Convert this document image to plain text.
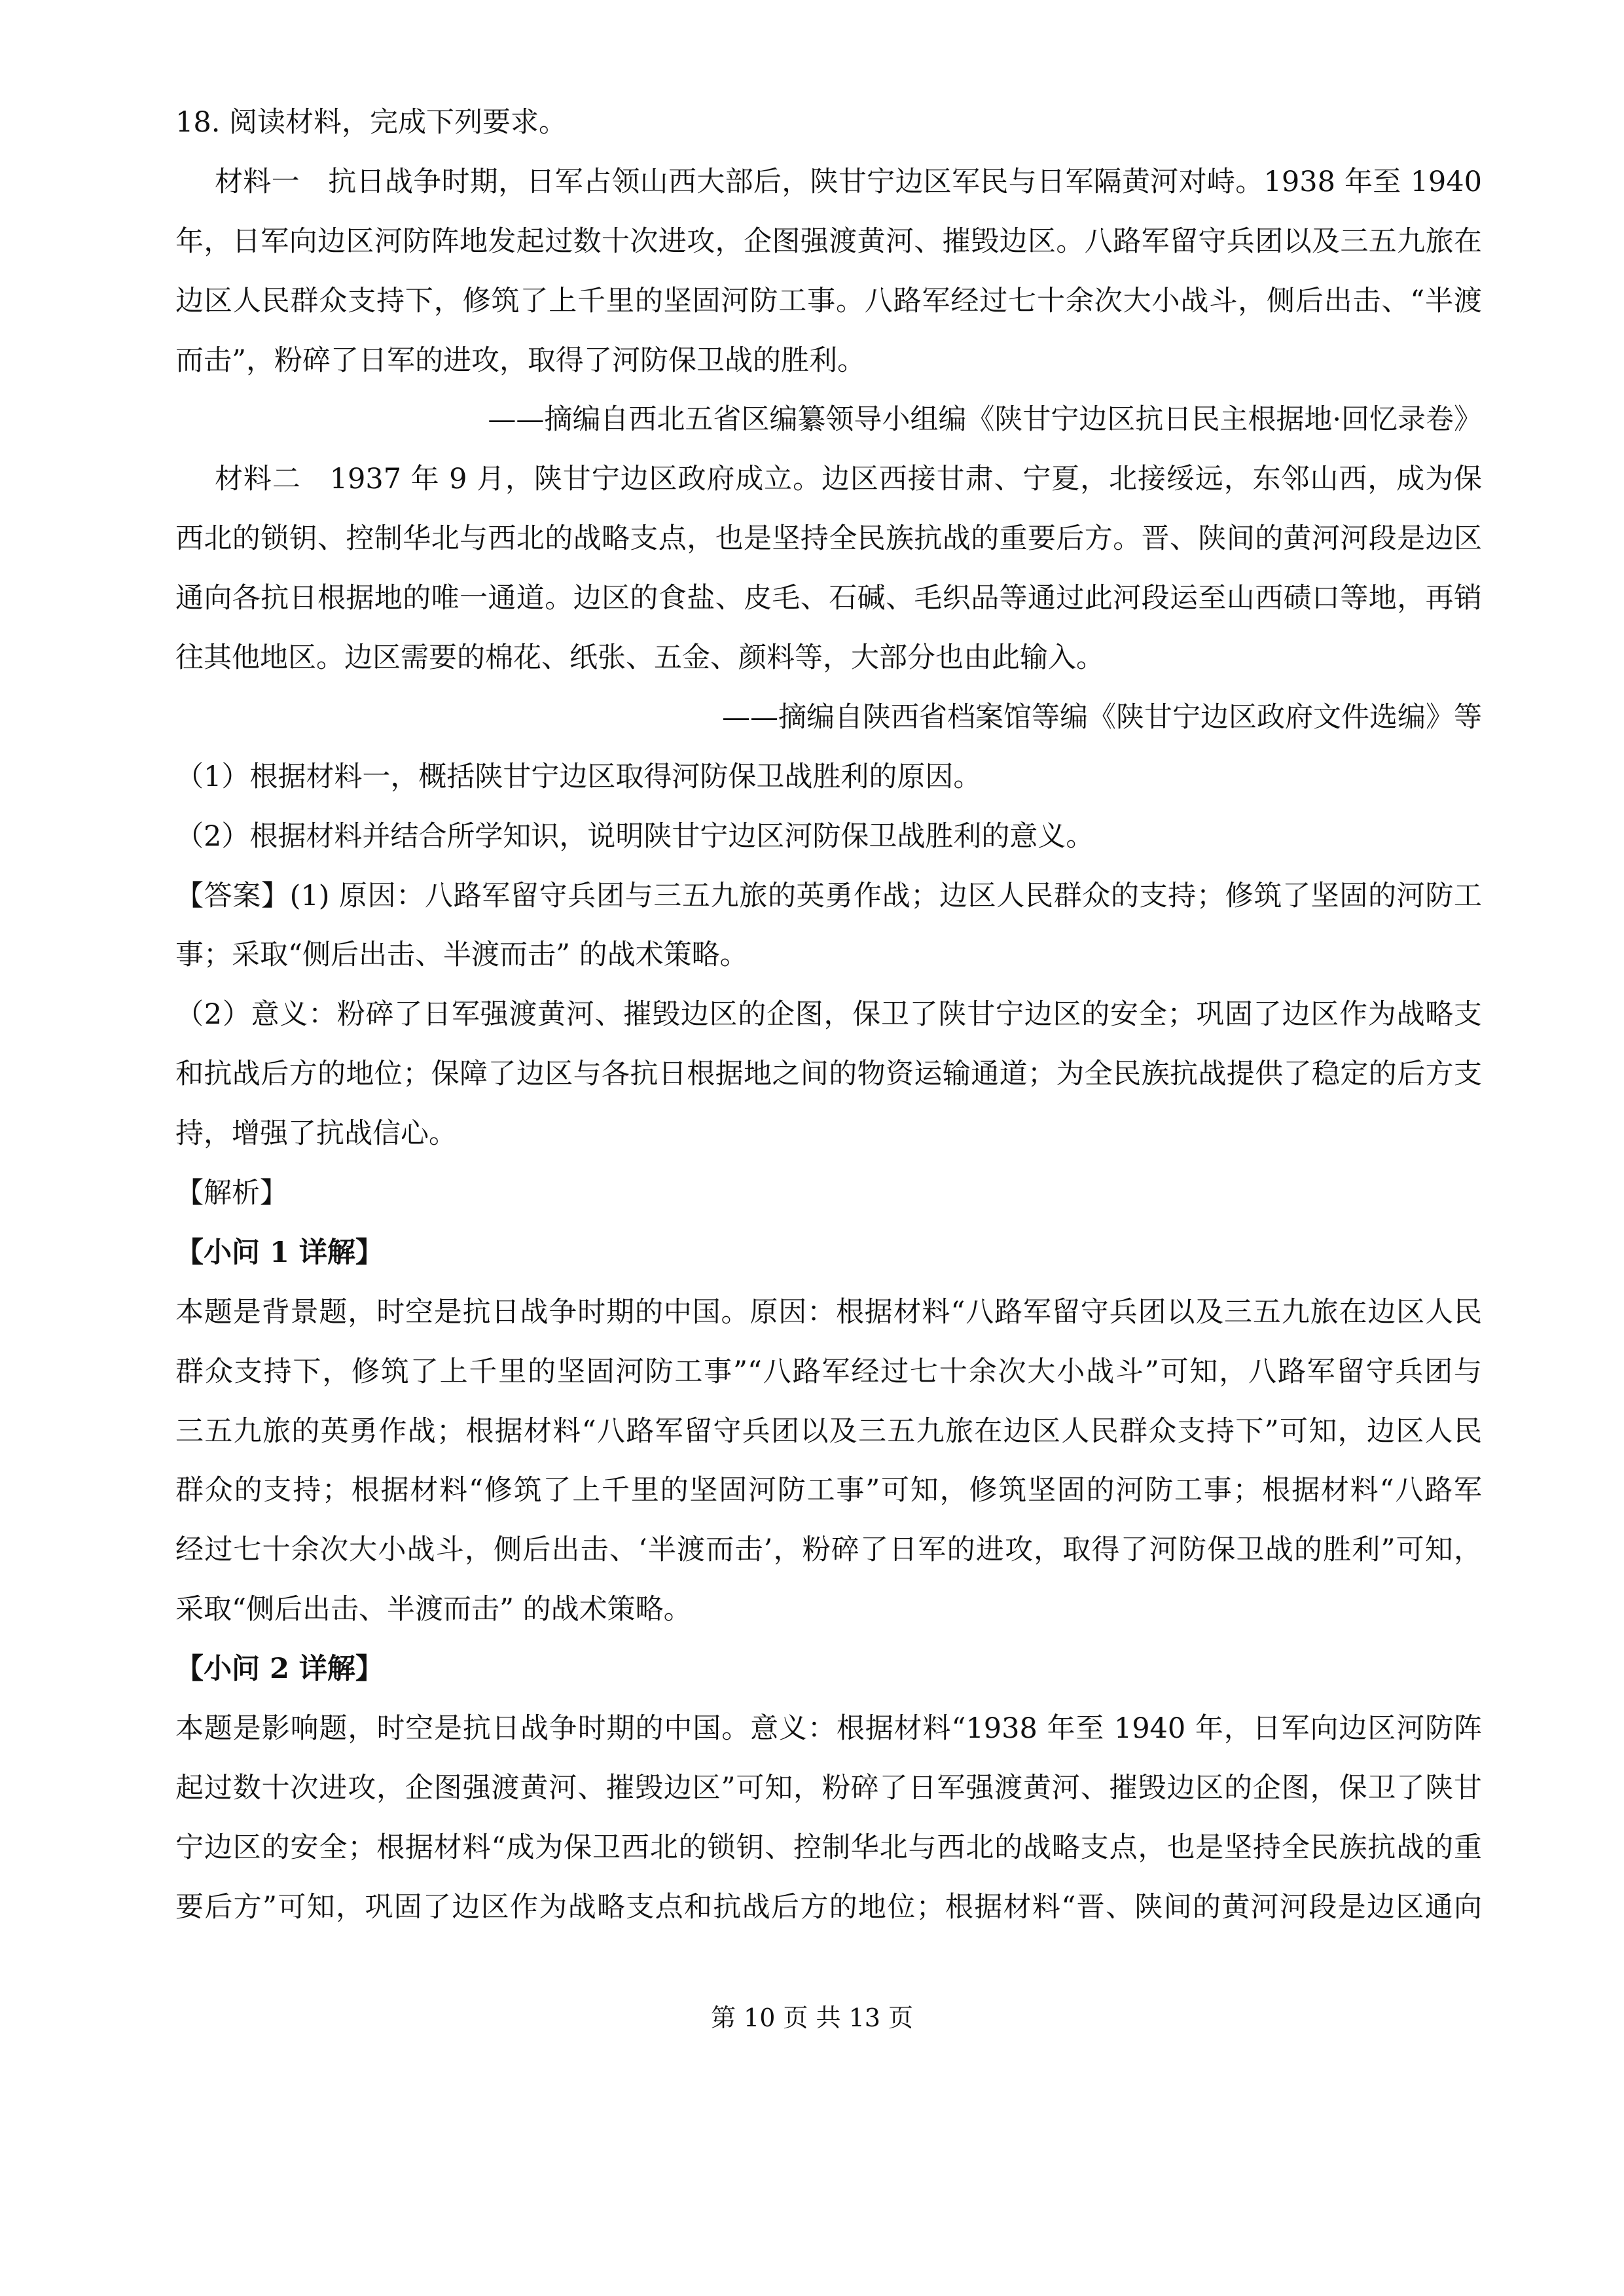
18. 阅读材料，完成下列要求。
材料一　抗日战争时期，日军占领山西大部后，陕甘宁边区军民与日军隔黄河对峙。1938 年至 1940
年，日军向边区河防阵地发起过数十次进攻，企图强渡黄河、摧毁边区。八路军留守兵团以及三五九旅在
边区人民群众支持下，修筑了上千里的坚固河防工事。八路军经过七十余次大小战斗，侧后出击、“半渡
而击”，粉碎了日军的进攻，取得了河防保卫战的胜利。
——摘编自西北五省区编纂领导小组编《陕甘宁边区抗日民主根据地·回忆录卷》
材料二　1937 年 9 月，陕甘宁边区政府成立。边区西接甘肃、宁夏，北接绥远，东邻山西，成为保
西北的锁钥、控制华北与西北的战略支点，也是坚持全民族抗战的重要后方。晋、陕间的黄河河段是边区
通向各抗日根据地的唯一通道。边区的食盐、皮毛、石碱、毛织品等通过此河段运至山西碛口等地，再销
往其他地区。边区需要的棉花、纸张、五金、颜料等，大部分也由此输入。
——摘编自陕西省档案馆等编《陕甘宁边区政府文件选编》等
（1）根据材料一，概括陕甘宁边区取得河防保卫战胜利的原因。
（2）根据材料并结合所学知识，说明陕甘宁边区河防保卫战胜利的意义。
【答案】(1) 原因：八路军留守兵团与三五九旅的英勇作战；边区人民群众的支持；修筑了坚固的河防工
事；采取“侧后出击、半渡而击” 的战术策略。
（2）意义：粉碎了日军强渡黄河、摧毁边区的企图，保卫了陕甘宁边区的安全；巩固了边区作为战略支
和抗战后方的地位；保障了边区与各抗日根据地之间的物资运输通道；为全民族抗战提供了稳定的后方支
持，增强了抗战信心。
【解析】
【小问 1 详解】
本题是背景题，时空是抗日战争时期的中国。原因：根据材料“八路军留守兵团以及三五九旅在边区人民
群众支持下，修筑了上千里的坚固河防工事”“八路军经过七十余次大小战斗”可知，八路军留守兵团与
三五九旅的英勇作战；根据材料“八路军留守兵团以及三五九旅在边区人民群众支持下”可知，边区人民
群众的支持；根据材料“修筑了上千里的坚固河防工事”可知，修筑坚固的河防工事；根据材料“八路军
经过七十余次大小战斗，侧后出击、‘半渡而击’，粉碎了日军的进攻，取得了河防保卫战的胜利”可知，
采取“侧后出击、半渡而击” 的战术策略。
【小问 2 详解】
本题是影响题，时空是抗日战争时期的中国。意义：根据材料“1938 年至 1940 年，日军向边区河防阵
起过数十次进攻，企图强渡黄河、摧毁边区”可知，粉碎了日军强渡黄河、摧毁边区的企图，保卫了陕甘
宁边区的安全；根据材料“成为保卫西北的锁钥、控制华北与西北的战略支点，也是坚持全民族抗战的重
要后方”可知，巩固了边区作为战略支点和抗战后方的地位；根据材料“晋、陕间的黄河河段是边区通向
第 10 页 共 13 页
